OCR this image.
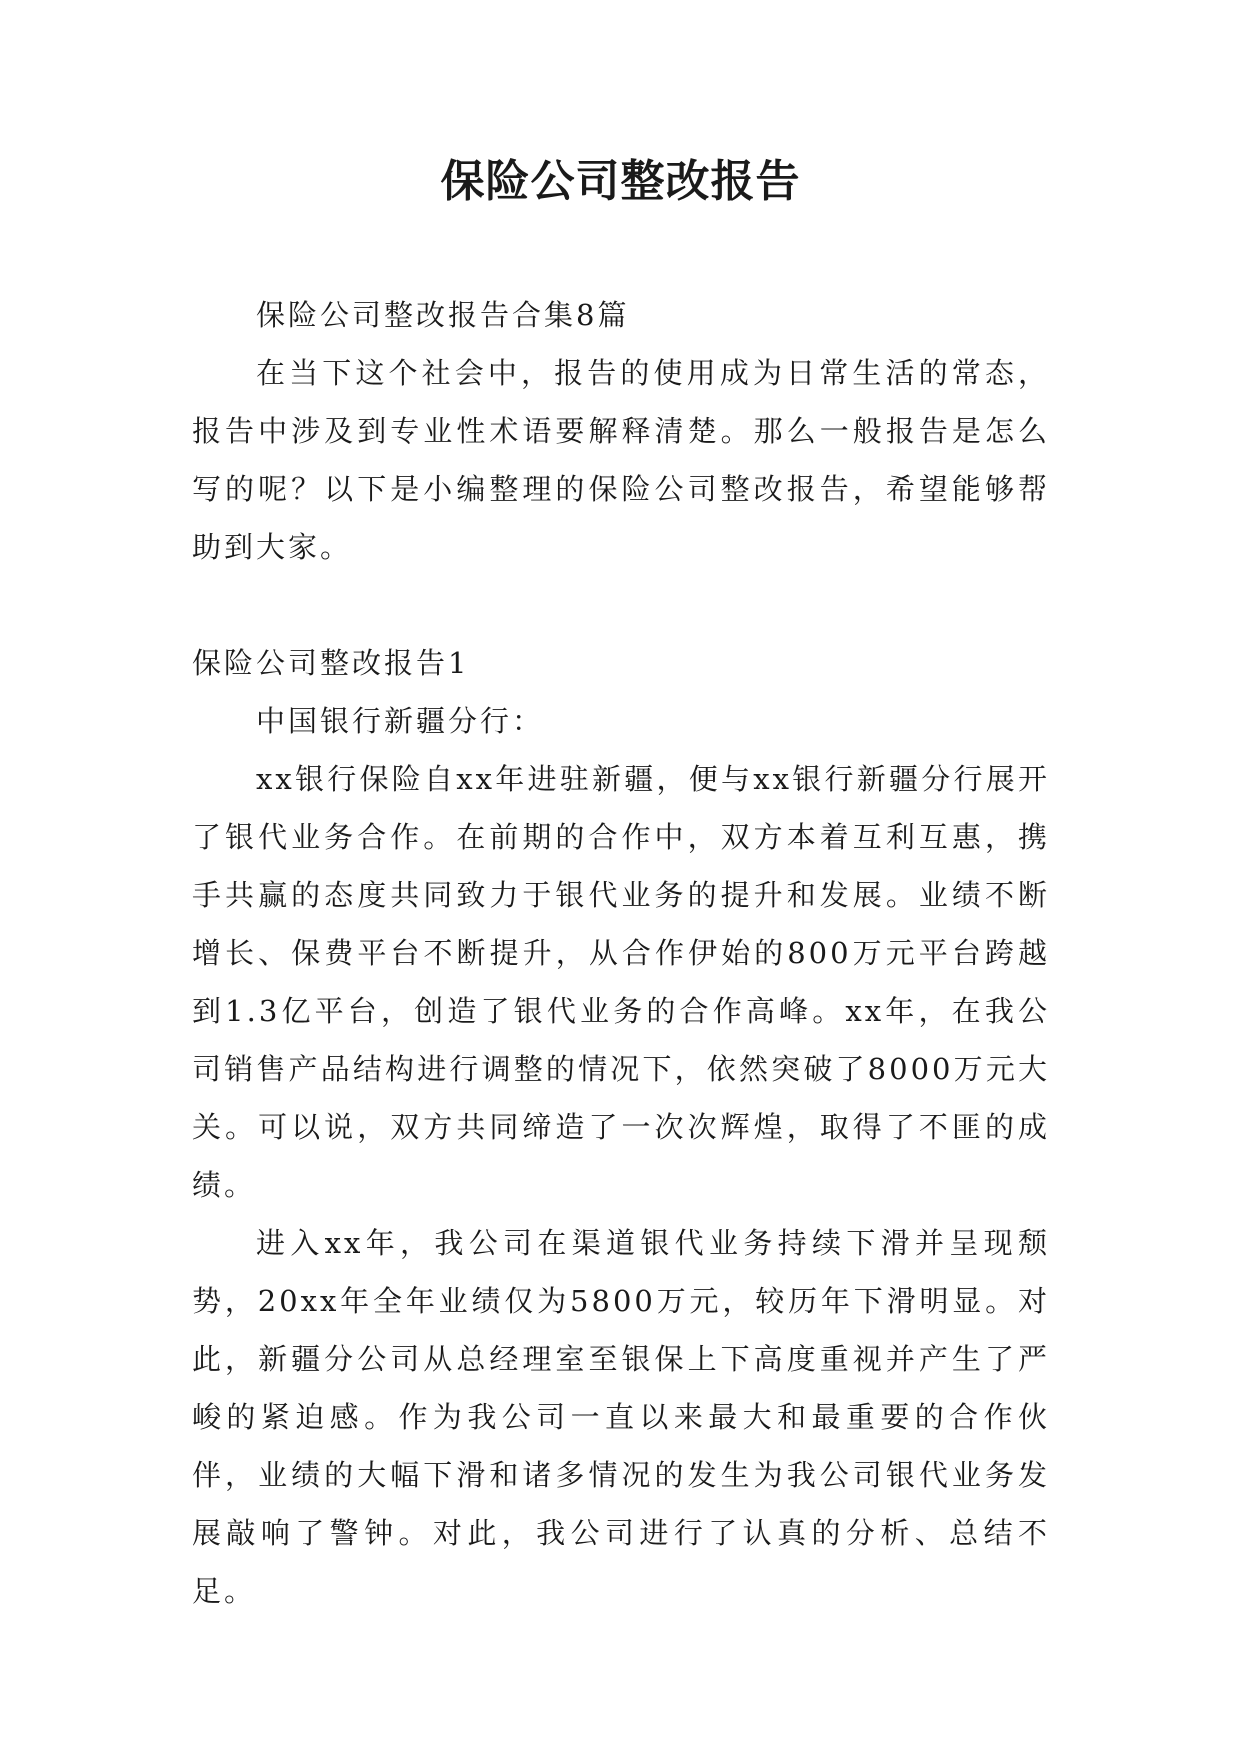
保险公司整改报告

保险公司整改报告合集8篇

在当下这个社会中，报告的使用成为日常生活的常态，报告中涉及到专业性术语要解释清楚。那么一般报告是怎么写的呢？以下是小编整理的保险公司整改报告，希望能够帮助到大家。

保险公司整改报告1

中国银行新疆分行：

xx银行保险自xx年进驻新疆，便与xx银行新疆分行展开了银代业务合作。在前期的合作中，双方本着互利互惠，携手共赢的态度共同致力于银代业务的提升和发展。业绩不断增长、保费平台不断提升，从合作伊始的800万元平台跨越到1.3亿平台，创造了银代业务的合作高峰。xx年，在我公司销售产品结构进行调整的情况下，依然突破了8000万元大关。可以说，双方共同缔造了一次次辉煌，取得了不匪的成绩。

进入xx年，我公司在渠道银代业务持续下滑并呈现颓势，20xx年全年业绩仅为5800万元，较历年下滑明显。对此，新疆分公司从总经理室至银保上下高度重视并产生了严峻的紧迫感。作为我公司一直以来最大和最重要的合作伙伴，业绩的大幅下滑和诸多情况的发生为我公司银代业务发展敲响了警钟。对此，我公司进行了认真的分析、总结不足。
